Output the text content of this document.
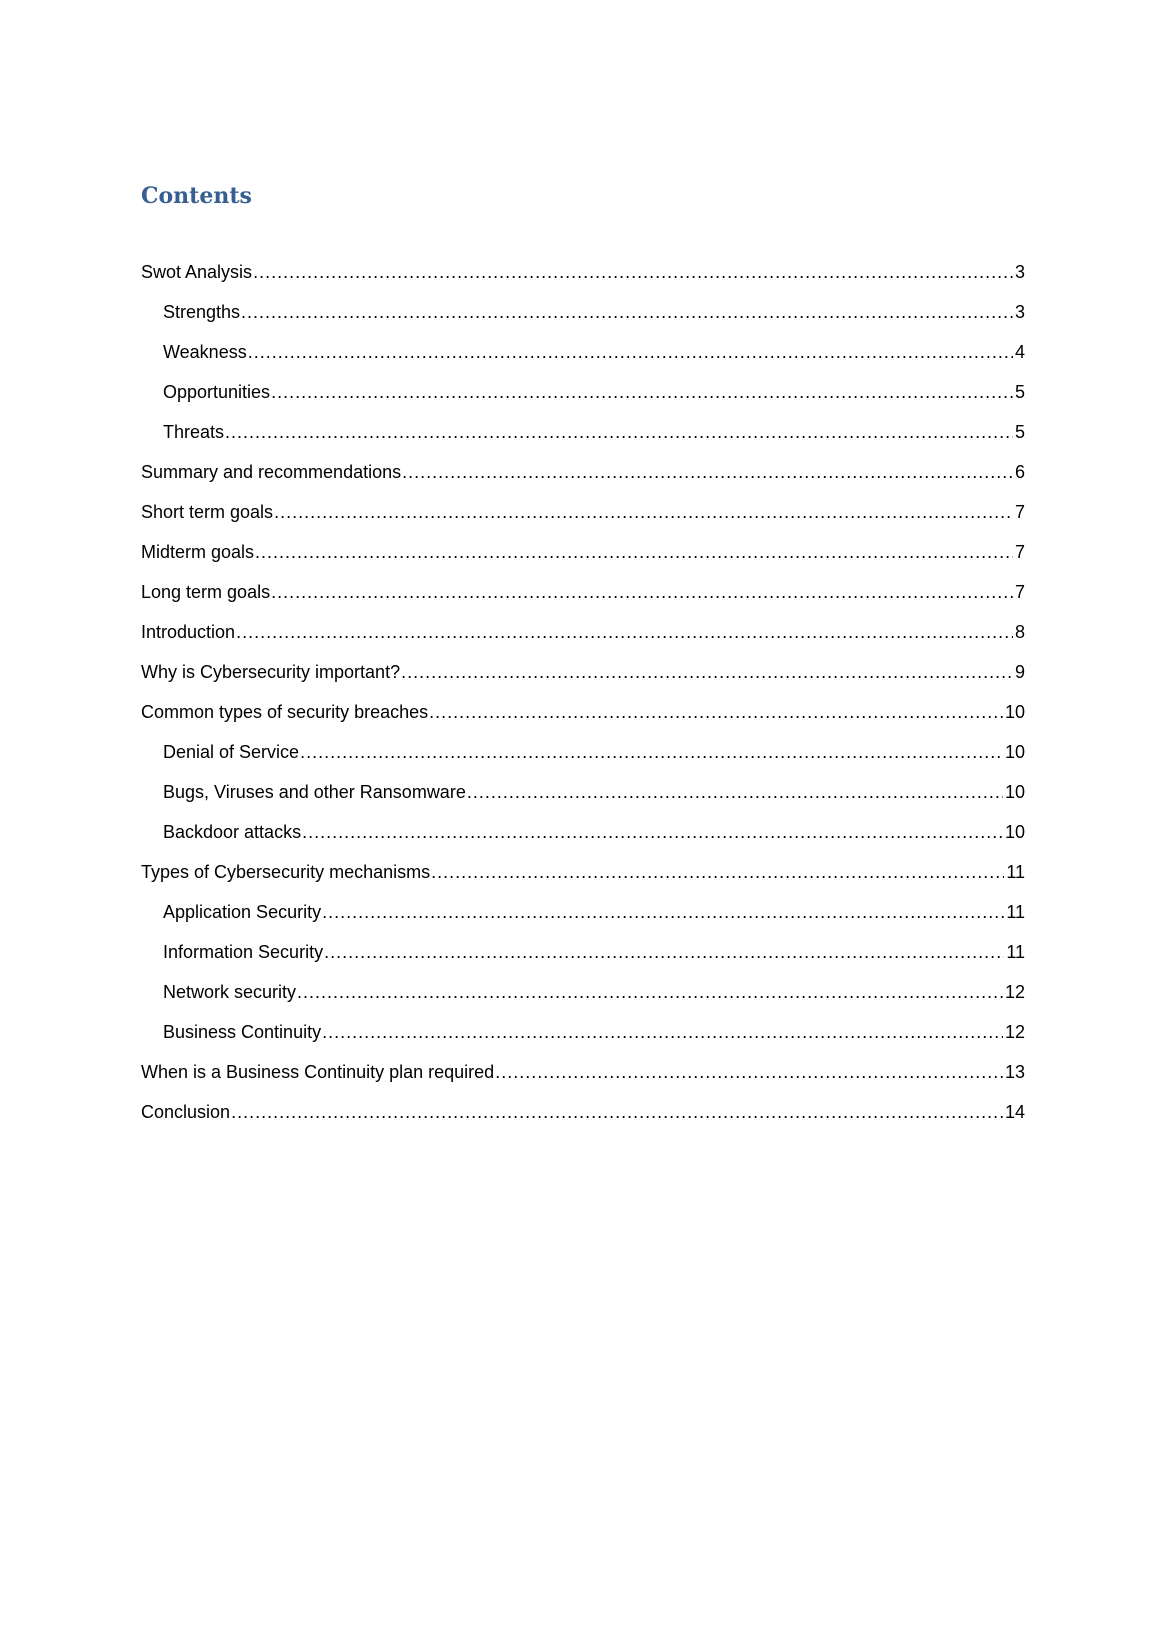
Contents
Swot Analysis .....	3
Strengths .....	3
Weakness .....	4
Opportunities .....	5
Threats .....	5
Summary and recommendations .....	6
Short term goals .....	7
Midterm goals .....	7
Long term goals .....	7
Introduction .....	8
Why is Cybersecurity important? .....	9
Common types of security breaches .....	10
Denial of Service .....	10
Bugs, Viruses and other Ransomware .....	10
Backdoor attacks .....	10
Types of Cybersecurity mechanisms .....	11
Application Security .....	11
Information Security .....	11
Network security .....	12
Business Continuity .....	12
When is a Business Continuity plan required .....	13
Conclusion .....	14
